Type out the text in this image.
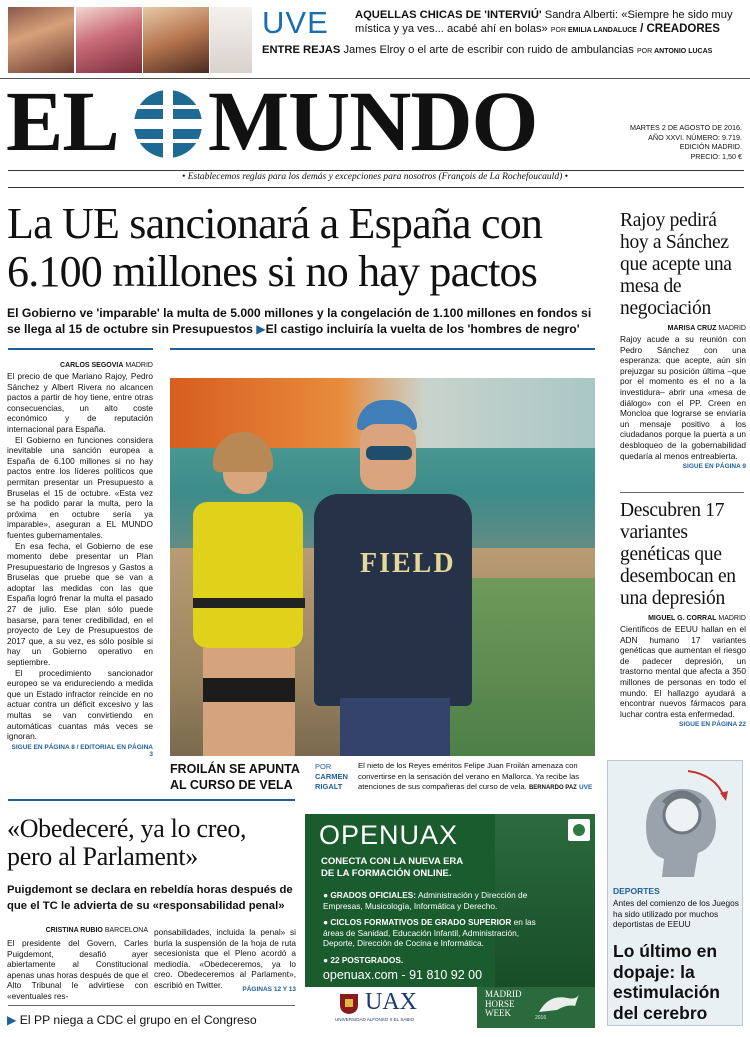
UVE AQUELLAS CHICAS DE 'INTERVIÚ' Sandra Alberti: «Siempre he sido muy mística y ya ves... acabé ahí en bolas» POR EMILIA LANDALUCE / CREADORES
ENTRE REJAS James Elroy o el arte de escribir con ruido de ambulancias POR ANTONIO LUCAS
EL MUNDO	MARTES 2 DE AGOSTO DE 2016.
AÑO XXVI. NÚMERO: 9.719.
EDICIÓN MADRID.
PRECIO: 1,50 €
• Establecemos reglas para los demás y excepciones para nosotros (François de La Rochefoucauld) •
La UE sancionará a España con 6.100 millones si no hay pactos
El Gobierno ve 'imparable' la multa de 5.000 millones y la congelación de 1.100 millones en fondos si se llega al 15 de octubre sin Presupuestos ▶El castigo incluiría la vuelta de los 'hombres de negro'
CARLOS SEGOVIA MADRID
El precio de que Mariano Rajoy, Pedro Sánchez y Albert Rivera no alcancen pactos a partir de hoy tiene, entre otras consecuencias, un alto coste económico y de reputación internacional para España.
El Gobierno en funciones considera inevitable una sanción europea a España de 6.100 millones si no hay pactos entre los líderes políticos que permitan presentar un Presupuesto a Bruselas el 15 de octubre. «Esta vez se ha podido parar la multa, pero la próxima en octubre sería ya imparable», aseguran a EL MUNDO fuentes gubernamentales.
En esa fecha, el Gobierno de ese momento debe presentar un Plan Presupuestario de Ingresos y Gastos a Bruselas que pruebe que se van a adoptar las medidas con las que España logró frenar la multa el pasado 27 de julio. Ese plan sólo puede basarse, para tener credibilidad, en el proyecto de Ley de Presupuestos de 2017 que, a su vez, es sólo posible si hay un Gobierno operativo en septiembre.
El procedimiento sancionador europeo se va endureciendo a medida que un Estado infractor reincide en no actuar contra un déficit excesivo y las multas se van convirtiendo en automáticas cuantas más veces se ignoran.
SIGUE EN PÁGINA 8 / EDITORIAL EN PÁGINA 3
FIELD
FROILÁN SE APUNTA AL CURSO DE VELA
POR
CARMEN RIGALT
El nieto de los Reyes eméritos Felipe Juan Froilán amenaza con convertirse en la sensación del verano en Mallorca. Ya recibe las atenciones de sus compañeras del curso de vela. BERNARDO PAZ UVE
Rajoy pedirá hoy a Sánchez que acepte una mesa de negociación
MARISA CRUZ MADRID
Rajoy acude a su reunión con Pedro Sánchez con una esperanza: que acepte, aún sin prejuzgar su posición última –que por el momento es el no a la investidura– abrir una «mesa de diálogo» con el PP. Creen en Moncloa que lograrse se enviaría un mensaje positivo a los ciudadanos porque la puerta a un desbloqueo de la gobernabilidad quedaría al menos entreabierta.
SIGUE EN PÁGINA 9
Descubren 17 variantes genéticas que desembocan en una depresión
MIGUEL G. CORRAL MADRID
Científicos de EEUU hallan en el ADN humano 17 variantes genéticas que aumentan el riesgo de padecer depresión, un trastorno mental que afecta a 350 millones de personas en todo el mundo. El hallazgo ayudará a encontrar nuevos fármacos para luchar contra esta enfermedad.
SIGUE EN PÁGINA 22
DEPORTES
Antes del comienzo de los Juegos ha sido utilizado por muchos deportistas de EEUU
Lo último en dopaje: la estimulación del cerebro
«Obedeceré, ya lo creo, pero al Parlament»
Puigdemont se declara en rebeldía horas después de que el TC le advierta de su «responsabilidad penal»
CRISTINA RUBIO BARCELONA
El presidente del Govern, Carles Puigdemont, desafió ayer abiertamente al Constitucional apenas unas horas después de que el Alto Tribunal le advirtiese con «eventuales res-
ponsabilidades, incluida la penal» si burla la suspensión de la hoja de ruta secesionista que el Pleno acordó a mediodía. «Obedeceremos, ya lo creo. Obedeceremos al Parlament», escribió en Twitter.	PÁGINAS 12 Y 13
OPENUAX
CONECTA CON LA NUEVA ERA
DE LA FORMACIÓN ONLINE.
● GRADOS OFICIALES: Administración y Dirección de Empresas, Musicología, Informática y Derecho.
● CICLOS FORMATIVOS DE GRADO SUPERIOR en las áreas de Sanidad, Educación Infantil, Administración, Deporte, Dirección de Cocina e Informática.
● 22 POSTGRADOS.
openuax.com - 91 810 92 00
UAX
UNIVERSIDAD ALFONSO X EL SABIO
MADRID
HORSE
WEEK	2016
▶ El PP niega a CDC el grupo en el Congreso
